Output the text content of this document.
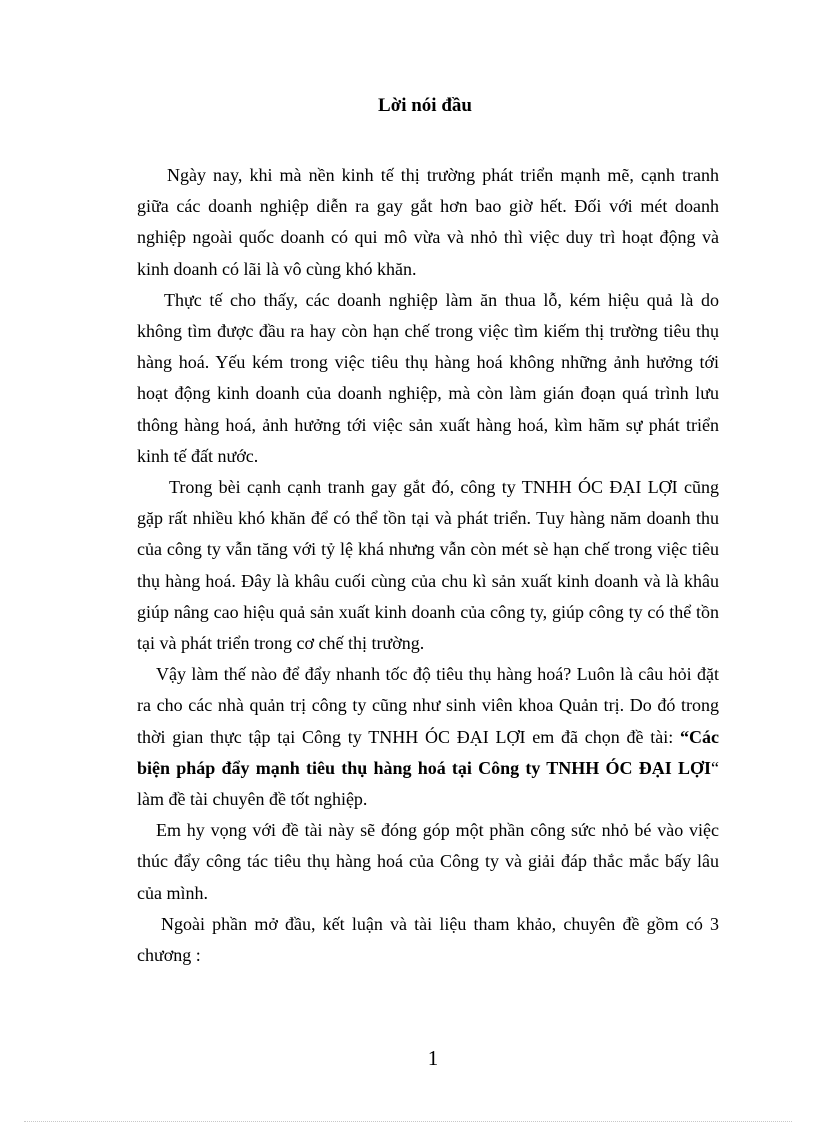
Lời nói đầu

Ngày nay, khi mà nền kinh tế thị trường phát triển mạnh mẽ, cạnh tranh giữa các doanh nghiệp diễn ra gay gắt hơn bao giờ hết. Đối với mét doanh nghiệp ngoài quốc doanh có qui mô vừa và nhỏ thì việc duy trì hoạt động và kinh doanh có lãi là vô cùng khó khăn.

Thực tế cho thấy, các doanh nghiệp làm ăn thua lỗ, kém hiệu quả là do không tìm được đầu ra hay còn hạn chế trong việc tìm kiếm thị trường tiêu thụ hàng hoá. Yếu kém trong việc tiêu thụ hàng hoá không những ảnh hưởng tới hoạt động kinh doanh của doanh nghiệp, mà còn làm gián đoạn quá trình lưu thông hàng hoá, ảnh hưởng tới việc sản xuất hàng hoá, kìm hãm sự phát triển kinh tế đất nước.

Trong bèi cạnh cạnh tranh gay gắt đó, công ty TNHH ÓC ĐẠI LỢI cũng gặp rất nhiều khó khăn để có thể tồn tại và phát triển. Tuy hàng năm doanh thu của công ty vẫn tăng với tỷ lệ khá nhưng vẫn còn mét sè hạn chế trong việc tiêu thụ hàng hoá. Đây là khâu cuối cùng của chu kì sản xuất kinh doanh và là khâu giúp nâng cao hiệu quả sản xuất kinh doanh của công ty, giúp công ty có thể tồn tại và phát triển trong cơ chế thị trường.

Vậy làm thế nào để đẩy nhanh tốc độ tiêu thụ hàng hoá? Luôn là câu hỏi đặt ra cho các nhà quản trị công ty cũng như sinh viên khoa Quản trị. Do đó trong thời gian thực tập tại Công ty TNHH ÓC ĐẠI LỢI em đã chọn đề tài: “Các biện pháp đẩy mạnh tiêu thụ hàng hoá tại Công ty TNHH ÓC ĐẠI LỢI“ làm đề tài chuyên đề tốt nghiệp.

Em hy vọng với đề tài này sẽ đóng góp một phần công sức nhỏ bé vào việc thúc đẩy công tác tiêu thụ hàng hoá của Công ty và giải đáp thắc mắc bấy lâu của mình.

Ngoài phần mở đầu, kết luận và tài liệu tham khảo, chuyên đề gồm có 3 chương :

1
